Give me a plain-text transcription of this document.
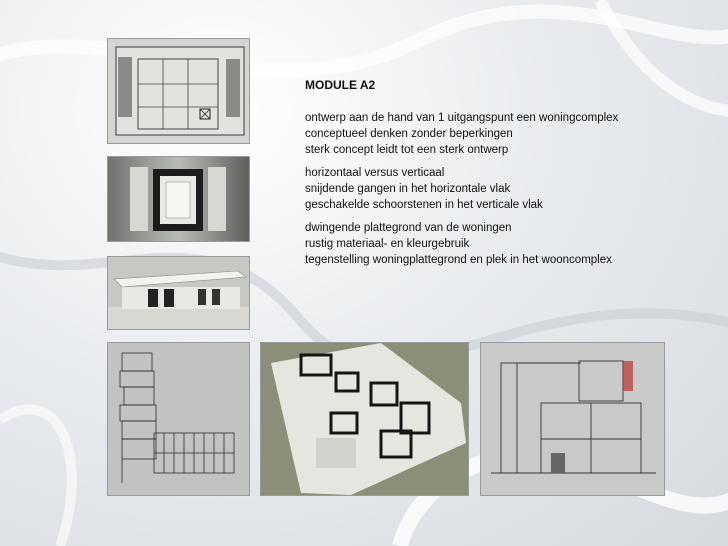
MODULE A2
ontwerp aan de hand van 1 uitgangspunt een woningcomplex
conceptueel denken zonder beperkingen
sterk concept leidt tot een sterk ontwerp
horizontaal versus verticaal
snijdende gangen in het horizontale vlak
geschakelde schoorstenen in het verticale vlak
dwingende plattegrond van de woningen
rustig materiaal- en kleurgebruik
tegenstelling woningplattegrond en plek in het wooncomplex
